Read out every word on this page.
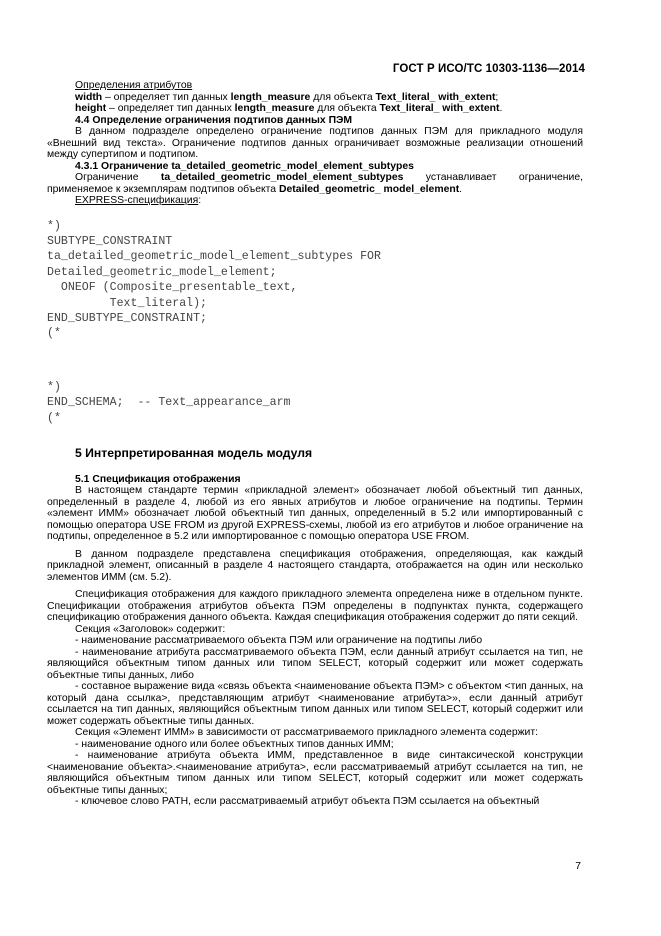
ГОСТ Р ИСО/ТС 10303-1136—2014

Определения атрибутов

width – определяет тип данных length_measure для объекта Text_literal_ with_extent;

height – определяет тип данных length_measure для объекта Text_literal_ with_extent.

4.4 Определение ограничения подтипов данных ПЭМ

В данном подразделе определено ограничение подтипов данных ПЭМ для прикладного модуля «Внешний вид текста». Ограничение подтипов данных ограничивает возможные реализации отношений между супертипом и подтипом.

4.3.1 Ограничение ta_detailed_geometric_model_element_subtypes

Ограничение ta_detailed_geometric_model_element_subtypes устанавливает ограничение, применяемое к экземплярам подтипов объекта Detailed_geometric_ model_element.

EXPRESS-спецификация:

*)
SUBTYPE_CONSTRAINT
ta_detailed_geometric_model_element_subtypes FOR
Detailed_geometric_model_element;
ONEOF (Composite_presentable_text,
Text_literal);
END_SUBTYPE_CONSTRAINT;
(*
*)
END_SCHEMA;  -- Text_appearance_arm
(*

5 Интерпретированная модель модуля

5.1 Спецификация отображения

В настоящем стандарте термин «прикладной элемент» обозначает любой объектный тип данных, определенный в разделе 4, любой из его явных атрибутов и любое ограничение на подтипы. Термин «элемент ИММ» обозначает любой объектный тип данных, определенный в 5.2 или импортированный с помощью оператора USE FROM из другой EXPRESS-схемы, любой из его атрибутов и любое ограничение на подтипы, определенное в 5.2 или импортированное с помощью оператора USE FROM.

В данном подразделе представлена спецификация отображения, определяющая, как каждый прикладной элемент, описанный в разделе 4 настоящего стандарта, отображается на один или несколько элементов ИММ (см. 5.2).

Спецификация отображения для каждого прикладного элемента определена ниже в отдельном пункте. Спецификации отображения атрибутов объекта ПЭМ определены в подпунктах пункта, содержащего спецификацию отображения данного объекта. Каждая спецификация отображения содержит до пяти секций.

Секция «Заголовок» содержит:

- наименование рассматриваемого объекта ПЭМ или ограничение на подтипы либо

- наименование атрибута рассматриваемого объекта ПЭМ, если данный атрибут ссылается на тип, не являющийся объектным типом данных или типом SELECT, который содержит или может содержать объектные типы данных, либо

- составное выражение вида «связь объекта <наименование объекта ПЭМ> с объектом <тип данных, на который дана ссылка>, представляющим атрибут <наименование атрибута>», если данный атрибут ссылается на тип данных, являющийся объектным типом данных или типом SELECT, который содержит или может содержать объектные типы данных.

Секция «Элемент ИММ» в зависимости от рассматриваемого прикладного элемента содержит:

- наименование одного или более объектных типов данных ИММ;

- наименование атрибута объекта ИММ, представленное в виде синтаксической конструкции <наименование объекта>.<наименование атрибута>, если рассматриваемый атрибут ссылается на тип, не являющийся объектным типом данных или типом SELECT, который содержит или может содержать объектные типы данных;

- ключевое слово PATH, если рассматриваемый атрибут объекта ПЭМ ссылается на объектный

7
